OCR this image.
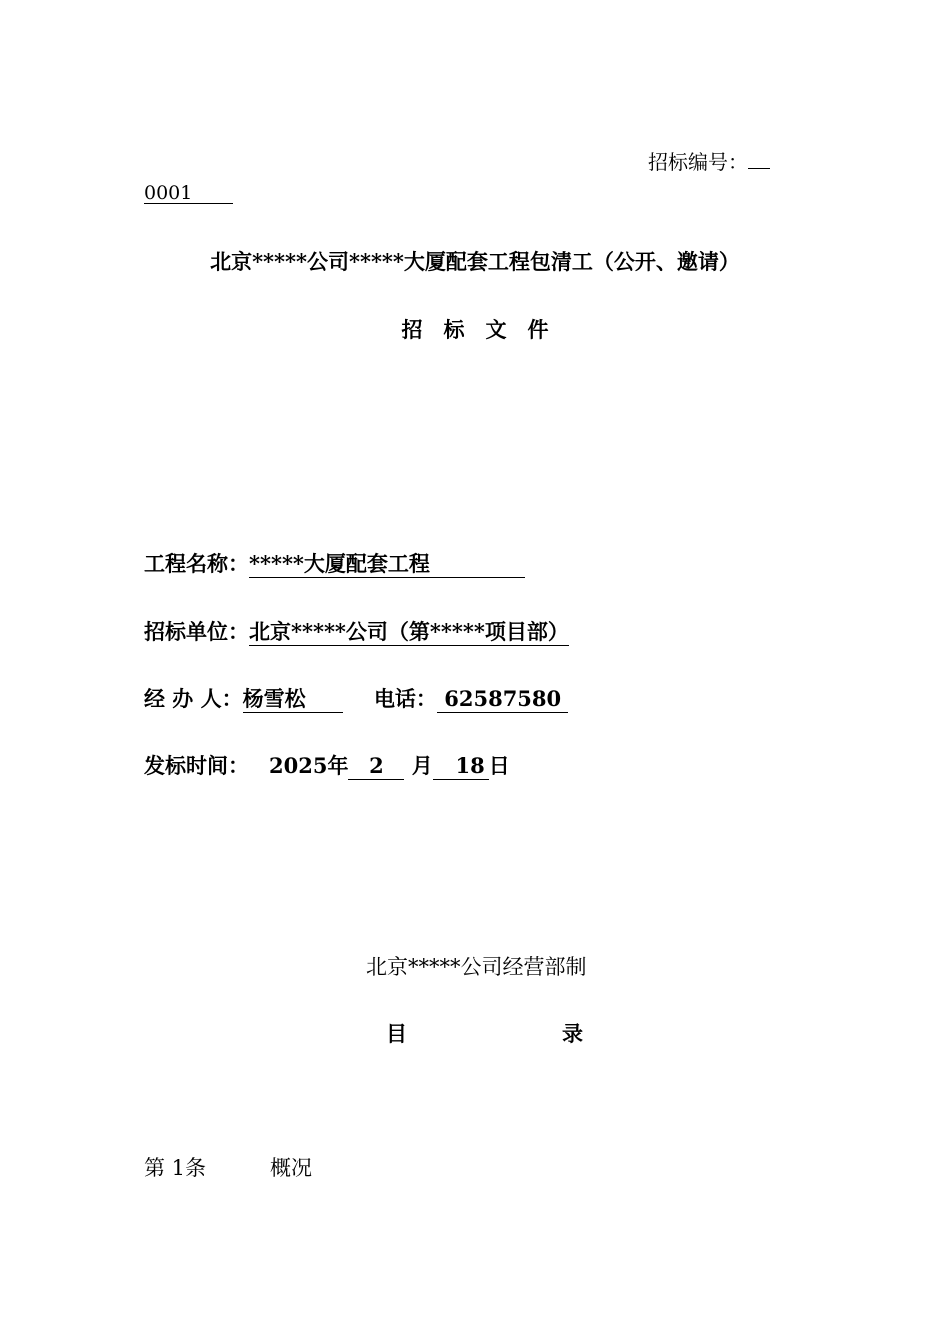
招标编号：
0001
北京*****公司*****大厦配套工程包清工（公开、邀请）
招　标　文　件
工程名称：*****大厦配套工程
招标单位：北京*****公司（第*****项目部）
经 办 人：杨雪松	电话： 62587580
发标时间： 2025年 2 月 18 日
北京*****公司经营部制
目	录
第 1条	概况
